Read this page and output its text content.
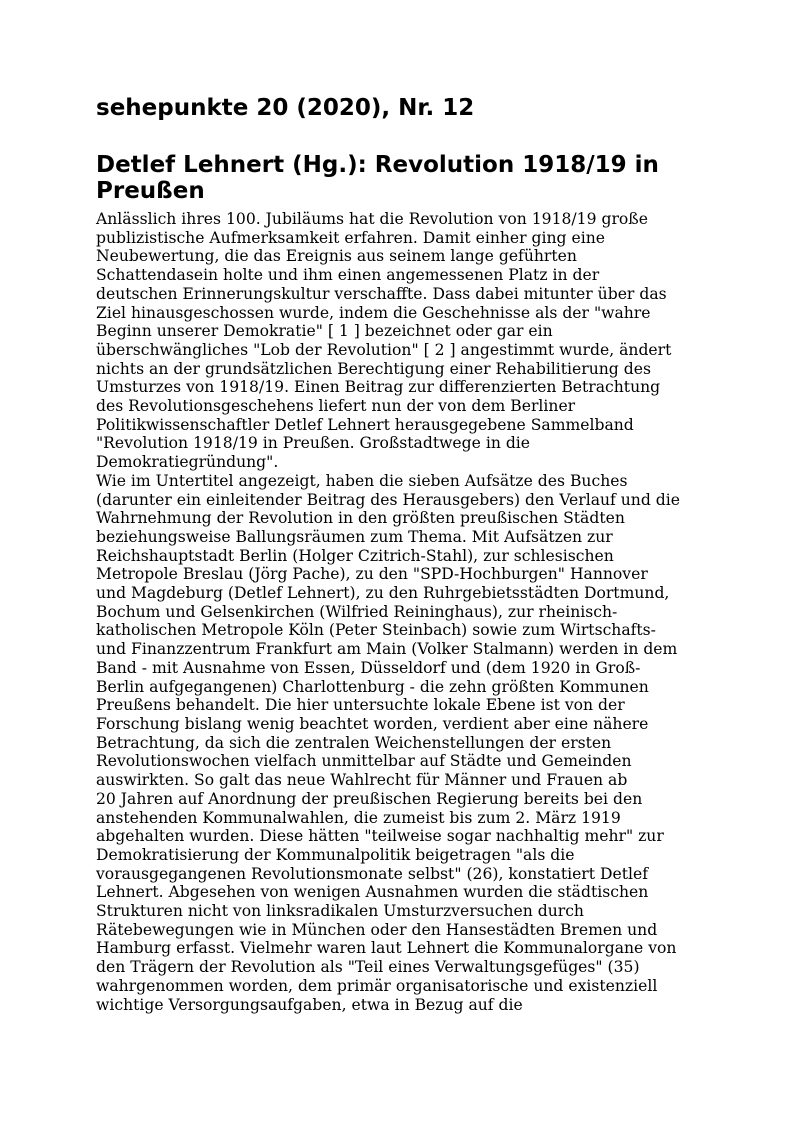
sehepunkte 20 (2020), Nr. 12
Detlef Lehnert (Hg.): Revolution 1918/19 in
Preußen
Anlässlich ihres 100. Jubiläums hat die Revolution von 1918/19 große
publizistische Aufmerksamkeit erfahren. Damit einher ging eine
Neubewertung, die das Ereignis aus seinem lange geführten
Schattendasein holte und ihm einen angemessenen Platz in der
deutschen Erinnerungskultur verschaffte. Dass dabei mitunter über das
Ziel hinausgeschossen wurde, indem die Geschehnisse als der "wahre
Beginn unserer Demokratie" [ 1 ] bezeichnet oder gar ein
überschwängliches "Lob der Revolution" [ 2 ] angestimmt wurde, ändert
nichts an der grundsätzlichen Berechtigung einer Rehabilitierung des
Umsturzes von 1918/19. Einen Beitrag zur differenzierten Betrachtung
des Revolutionsgeschehens liefert nun der von dem Berliner
Politikwissenschaftler Detlef Lehnert herausgegebene Sammelband
"Revolution 1918/19 in Preußen. Großstadtwege in die
Demokratiegründung".
Wie im Untertitel angezeigt, haben die sieben Aufsätze des Buches
(darunter ein einleitender Beitrag des Herausgebers) den Verlauf und die
Wahrnehmung der Revolution in den größten preußischen Städten
beziehungsweise Ballungsräumen zum Thema. Mit Aufsätzen zur
Reichshauptstadt Berlin (Holger Czitrich-Stahl), zur schlesischen
Metropole Breslau (Jörg Pache), zu den "SPD-Hochburgen" Hannover
und Magdeburg (Detlef Lehnert), zu den Ruhrgebietsstädten Dortmund,
Bochum und Gelsenkirchen (Wilfried Reininghaus), zur rheinisch-
katholischen Metropole Köln (Peter Steinbach) sowie zum Wirtschafts-
und Finanzzentrum Frankfurt am Main (Volker Stalmann) werden in dem
Band - mit Ausnahme von Essen, Düsseldorf und (dem 1920 in Groß-
Berlin aufgegangenen) Charlottenburg - die zehn größten Kommunen
Preußens behandelt. Die hier untersuchte lokale Ebene ist von der
Forschung bislang wenig beachtet worden, verdient aber eine nähere
Betrachtung, da sich die zentralen Weichenstellungen der ersten
Revolutionswochen vielfach unmittelbar auf Städte und Gemeinden
auswirkten. So galt das neue Wahlrecht für Männer und Frauen ab
20 Jahren auf Anordnung der preußischen Regierung bereits bei den
anstehenden Kommunalwahlen, die zumeist bis zum 2. März 1919
abgehalten wurden. Diese hätten "teilweise sogar nachhaltig mehr" zur
Demokratisierung der Kommunalpolitik beigetragen "als die
vorausgegangenen Revolutionsmonate selbst" (26), konstatiert Detlef
Lehnert. Abgesehen von wenigen Ausnahmen wurden die städtischen
Strukturen nicht von linksradikalen Umsturzversuchen durch
Rätebewegungen wie in München oder den Hansestädten Bremen und
Hamburg erfasst. Vielmehr waren laut Lehnert die Kommunalorgane von
den Trägern der Revolution als "Teil eines Verwaltungsgefüges" (35)
wahrgenommen worden, dem primär organisatorische und existenziell
wichtige Versorgungsaufgaben, etwa in Bezug auf die
